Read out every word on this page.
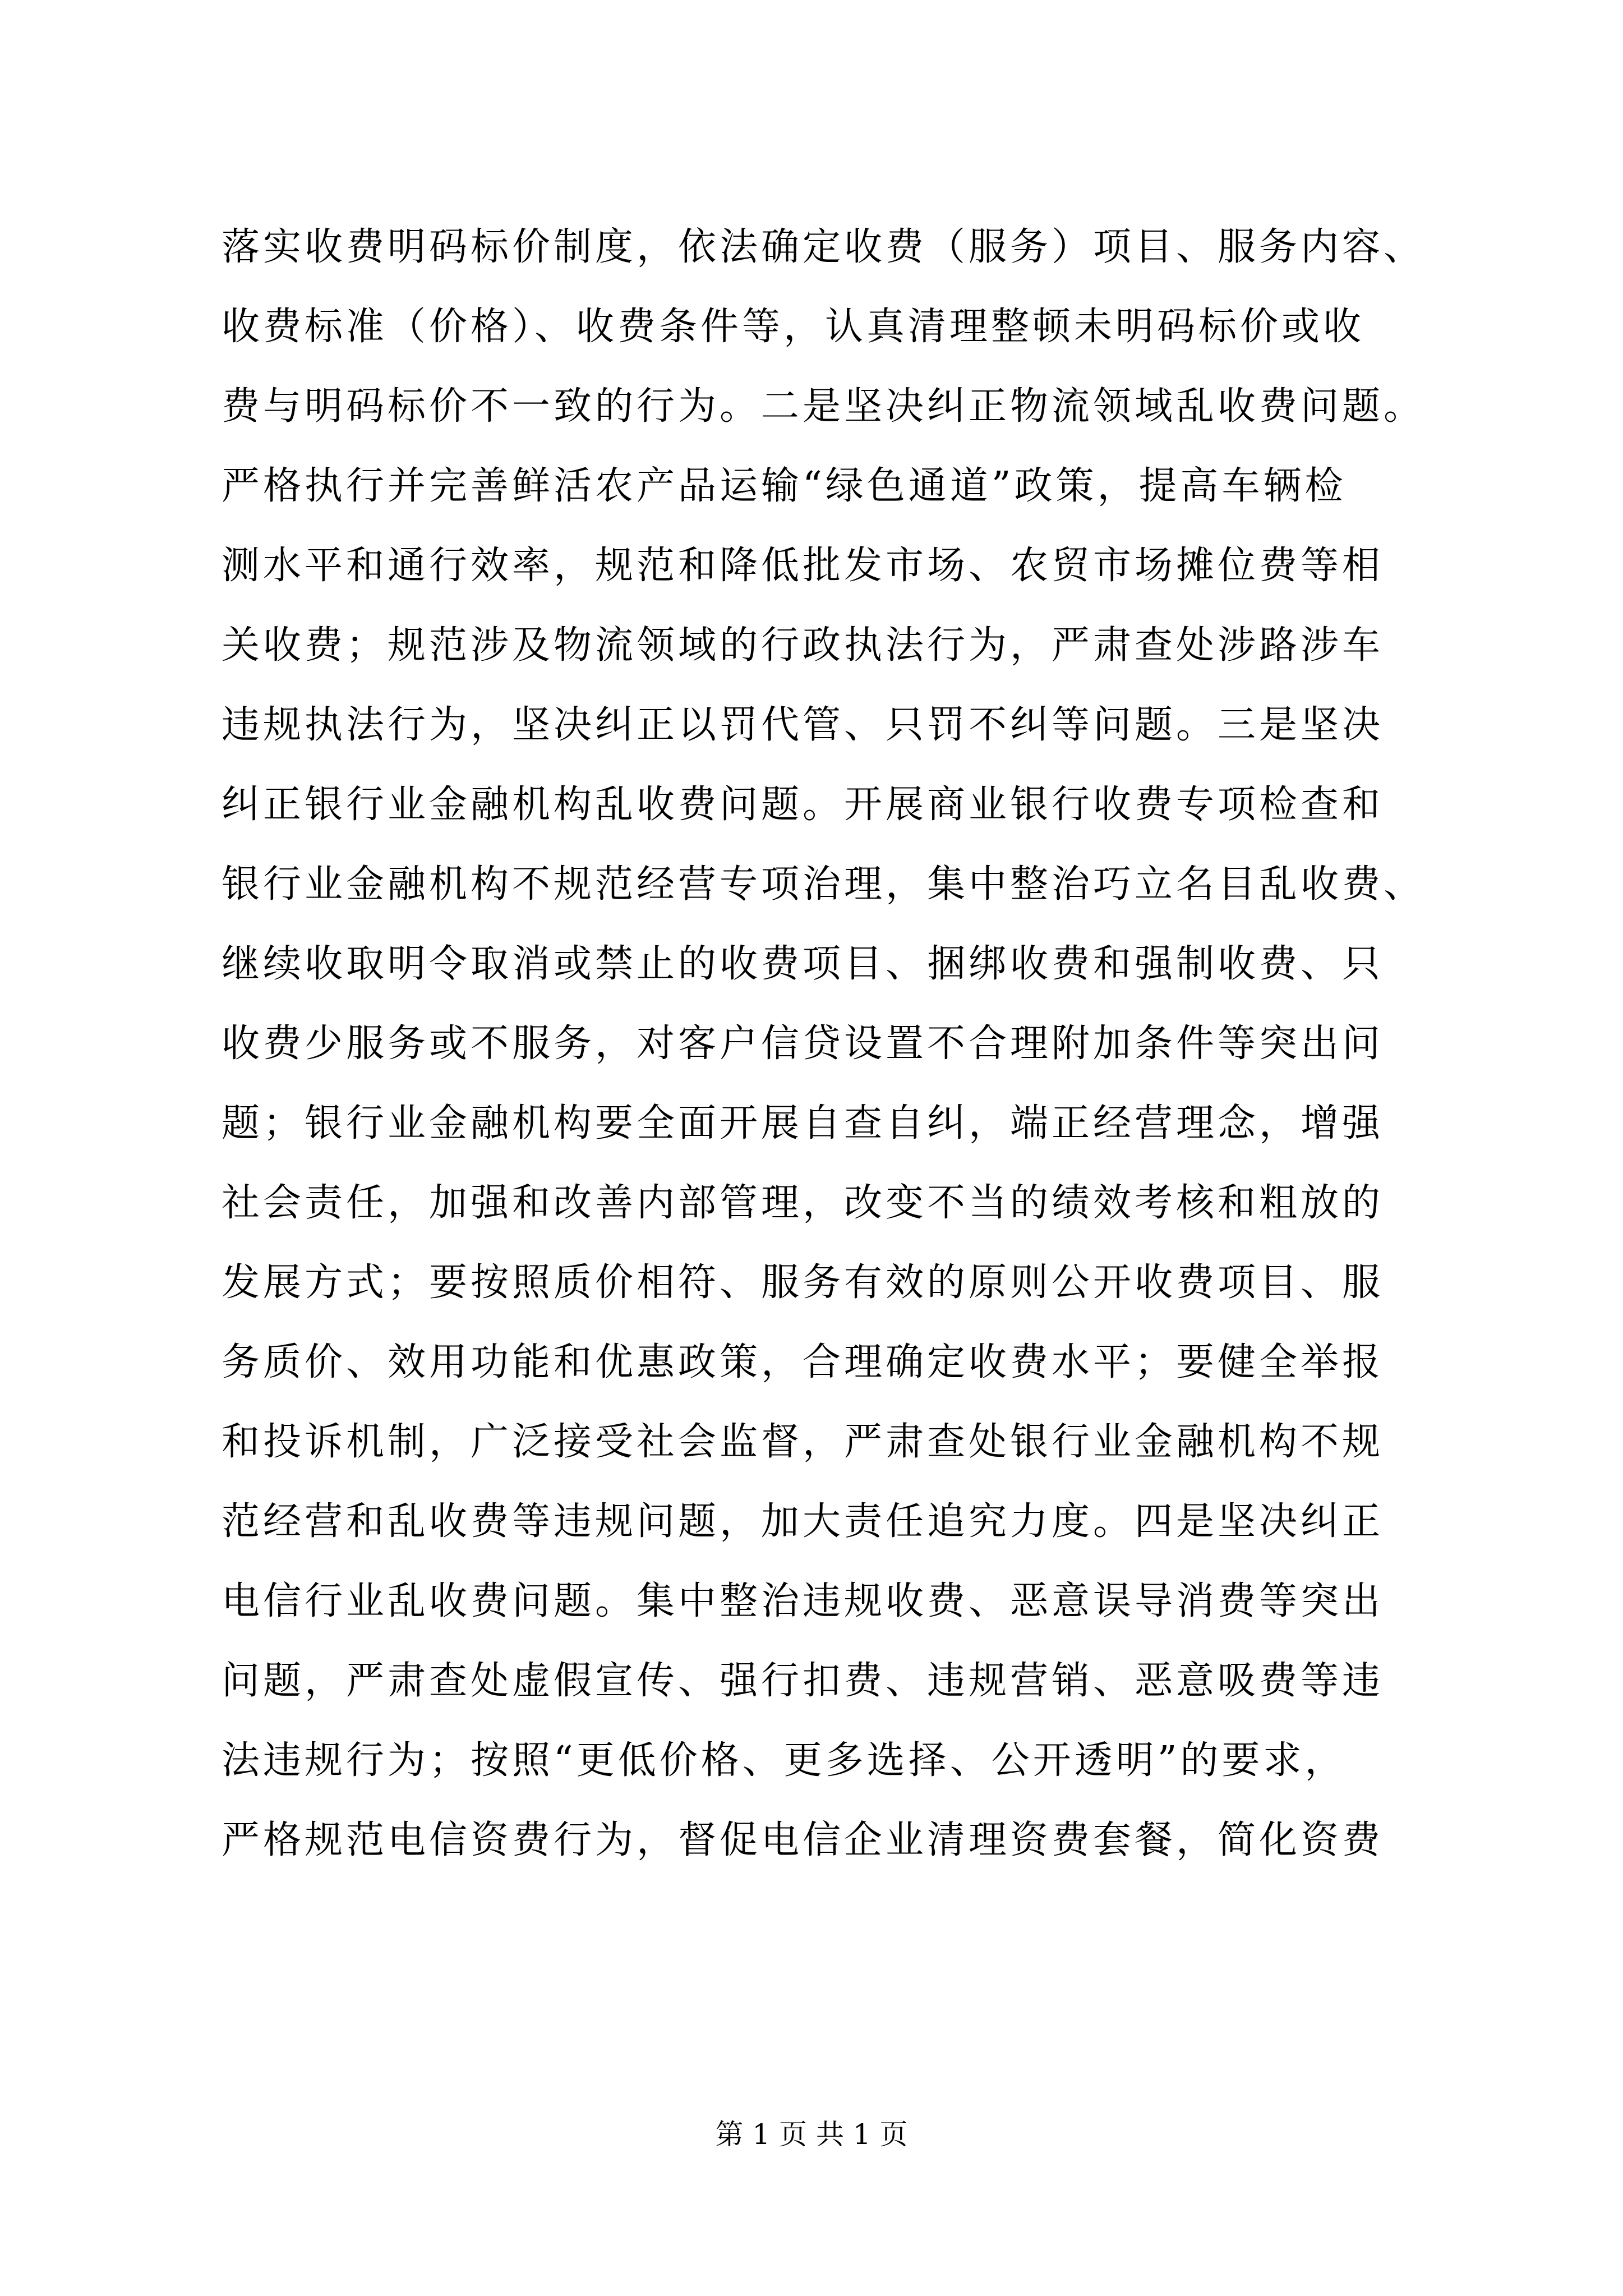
落实收费明码标价制度，依法确定收费（服务）项目、服务内容、
收费标准（价格）、收费条件等，认真清理整顿未明码标价或收
费与明码标价不一致的行为。二是坚决纠正物流领域乱收费问题。
严格执行并完善鲜活农产品运输“绿色通道”政策，提高车辆检
测水平和通行效率，规范和降低批发市场、农贸市场摊位费等相
关收费；规范涉及物流领域的行政执法行为，严肃查处涉路涉车
违规执法行为，坚决纠正以罚代管、只罚不纠等问题。三是坚决
纠正银行业金融机构乱收费问题。开展商业银行收费专项检查和
银行业金融机构不规范经营专项治理，集中整治巧立名目乱收费、
继续收取明令取消或禁止的收费项目、捆绑收费和强制收费、只
收费少服务或不服务，对客户信贷设置不合理附加条件等突出问
题；银行业金融机构要全面开展自查自纠，端正经营理念，增强
社会责任，加强和改善内部管理，改变不当的绩效考核和粗放的
发展方式；要按照质价相符、服务有效的原则公开收费项目、服
务质价、效用功能和优惠政策，合理确定收费水平；要健全举报
和投诉机制，广泛接受社会监督，严肃查处银行业金融机构不规
范经营和乱收费等违规问题，加大责任追究力度。四是坚决纠正
电信行业乱收费问题。集中整治违规收费、恶意误导消费等突出
问题，严肃查处虚假宣传、强行扣费、违规营销、恶意吸费等违
法违规行为；按照“更低价格、更多选择、公开透明”的要求，
严格规范电信资费行为，督促电信企业清理资费套餐，简化资费
第 1 页 共 1 页
